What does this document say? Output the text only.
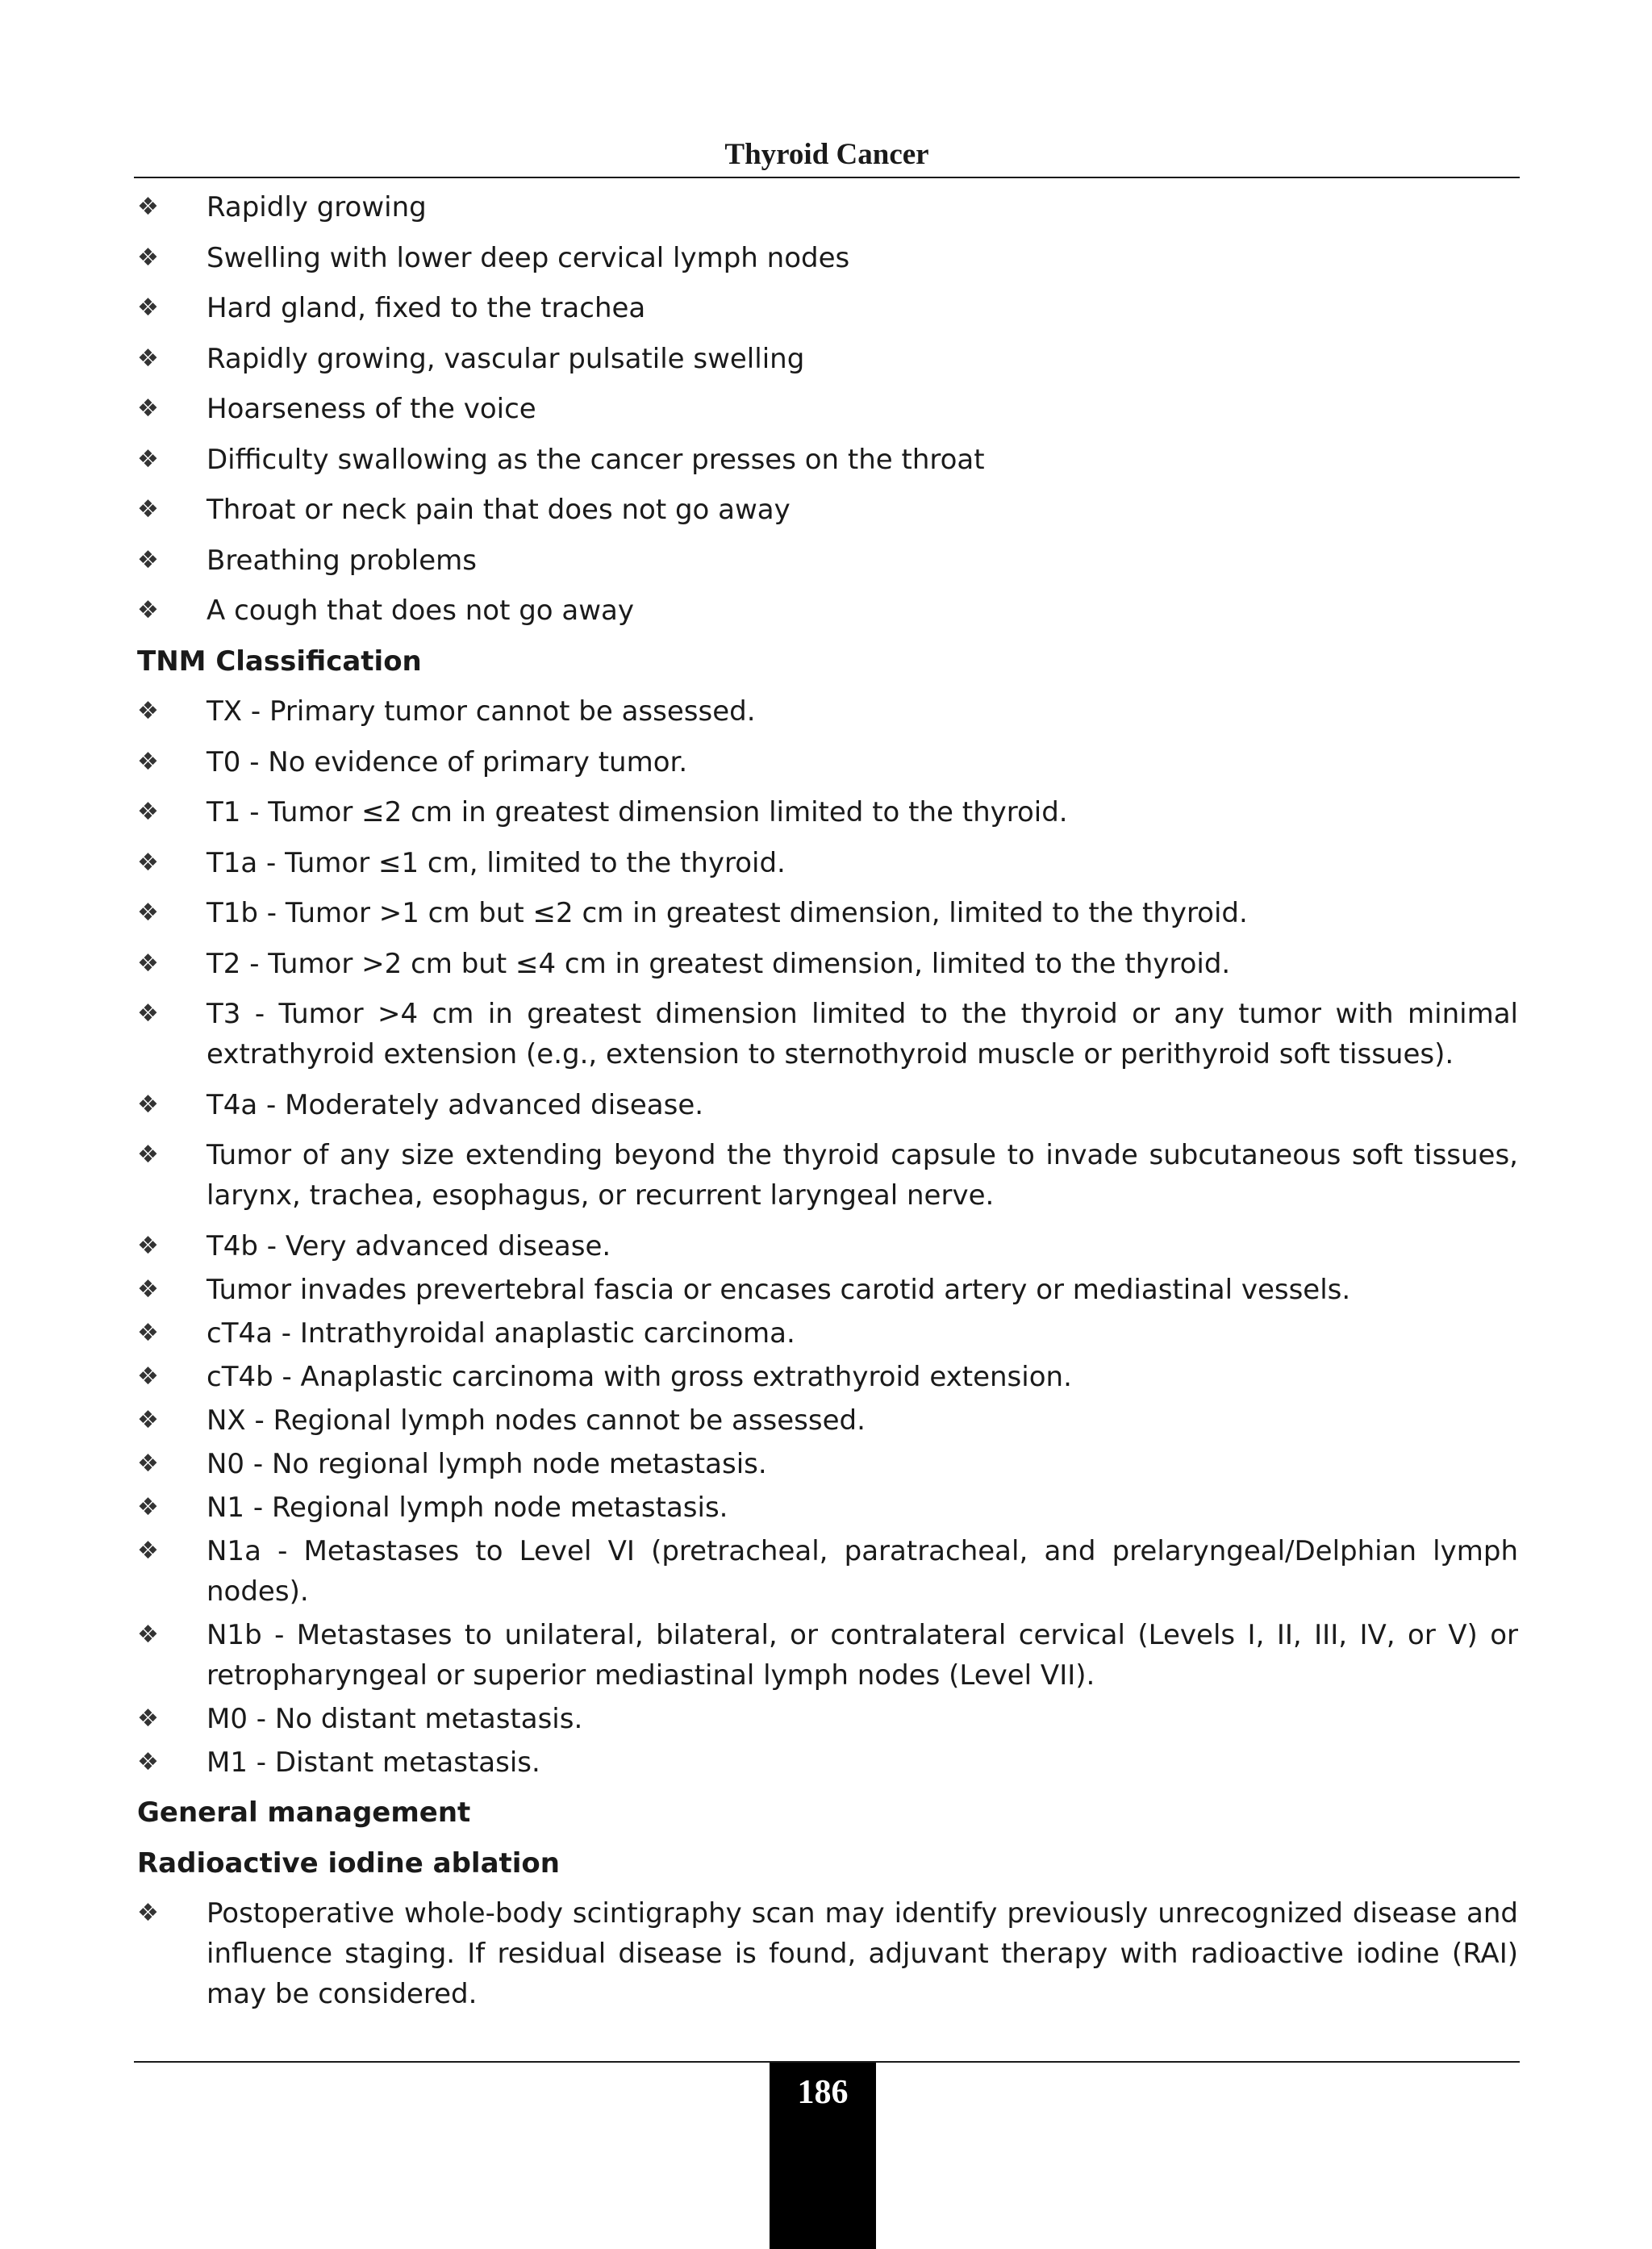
Thyroid Cancer
❖	Rapidly growing
❖	Swelling with lower deep cervical lymph nodes
❖	Hard gland, fixed to the trachea
❖	Rapidly growing, vascular pulsatile swelling
❖	Hoarseness of the voice
❖	Difficulty swallowing as the cancer presses on the throat
❖	Throat or neck pain that does not go away
❖	Breathing problems
❖	A cough that does not go away
TNM Classification
❖	TX - Primary tumor cannot be assessed.
❖	T0 - No evidence of primary tumor.
❖	T1 - Tumor ≤2 cm in greatest dimension limited to the thyroid.
❖	T1a - Tumor ≤1 cm, limited to the thyroid.
❖	T1b - Tumor >1 cm but ≤2 cm in greatest dimension, limited to the thyroid.
❖	T2 - Tumor >2 cm but ≤4 cm in greatest dimension, limited to the thyroid.
❖	T3 - Tumor >4 cm in greatest dimension limited to the thyroid or any tumor with minimal extrathyroid extension (e.g., extension to sternothyroid muscle or perithyroid soft tissues).
❖	T4a - Moderately advanced disease.
❖	Tumor of any size extending beyond the thyroid capsule to invade subcutaneous soft tissues, larynx, trachea, esophagus, or recurrent laryngeal nerve.
❖	T4b - Very advanced disease.
❖	Tumor invades prevertebral fascia or encases carotid artery or mediastinal vessels.
❖	cT4a - Intrathyroidal anaplastic carcinoma.
❖	cT4b - Anaplastic carcinoma with gross extrathyroid extension.
❖	NX - Regional lymph nodes cannot be assessed.
❖	N0 - No regional lymph node metastasis.
❖	N1 - Regional lymph node metastasis.
❖	N1a - Metastases to Level VI (pretracheal, paratracheal, and prelaryngeal/Delphian lymph nodes).
❖	N1b - Metastases to unilateral, bilateral, or contralateral cervical (Levels I, II, III, IV, or V) or retropharyngeal or superior mediastinal lymph nodes (Level VII).
❖	M0 - No distant metastasis.
❖	M1 - Distant metastasis.
General management
Radioactive iodine ablation
❖	Postoperative whole-body scintigraphy scan may identify previously unrecognized disease and influence staging. If residual disease is found, adjuvant therapy with radioactive iodine (RAI) may be considered.
186
